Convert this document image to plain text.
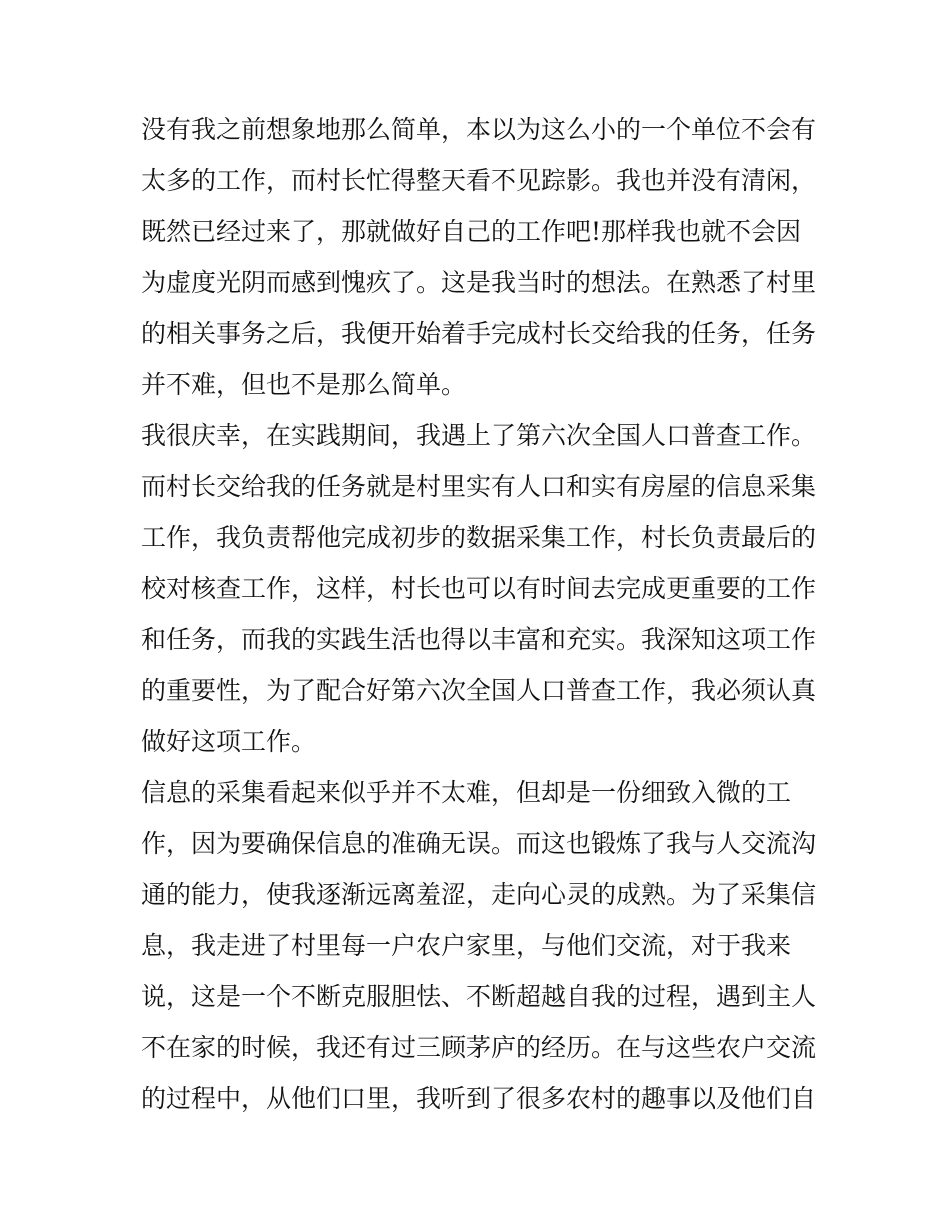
没有我之前想象地那么简单，本以为这么小的一个单位不会有
太多的工作，而村长忙得整天看不见踪影。我也并没有清闲，
既然已经过来了，那就做好自己的工作吧!那样我也就不会因
为虚度光阴而感到愧疚了。这是我当时的想法。在熟悉了村里
的相关事务之后，我便开始着手完成村长交给我的任务，任务
并不难，但也不是那么简单。
我很庆幸，在实践期间，我遇上了第六次全国人口普查工作。
而村长交给我的任务就是村里实有人口和实有房屋的信息采集
工作，我负责帮他完成初步的数据采集工作，村长负责最后的
校对核查工作，这样，村长也可以有时间去完成更重要的工作
和任务，而我的实践生活也得以丰富和充实。我深知这项工作
的重要性，为了配合好第六次全国人口普查工作，我必须认真
做好这项工作。
信息的采集看起来似乎并不太难，但却是一份细致入微的工
作，因为要确保信息的准确无误。而这也锻炼了我与人交流沟
通的能力，使我逐渐远离羞涩，走向心灵的成熟。为了采集信
息，我走进了村里每一户农户家里，与他们交流，对于我来
说，这是一个不断克服胆怯、不断超越自我的过程，遇到主人
不在家的时候，我还有过三顾茅庐的经历。在与这些农户交流
的过程中，从他们口里，我听到了很多农村的趣事以及他们自
